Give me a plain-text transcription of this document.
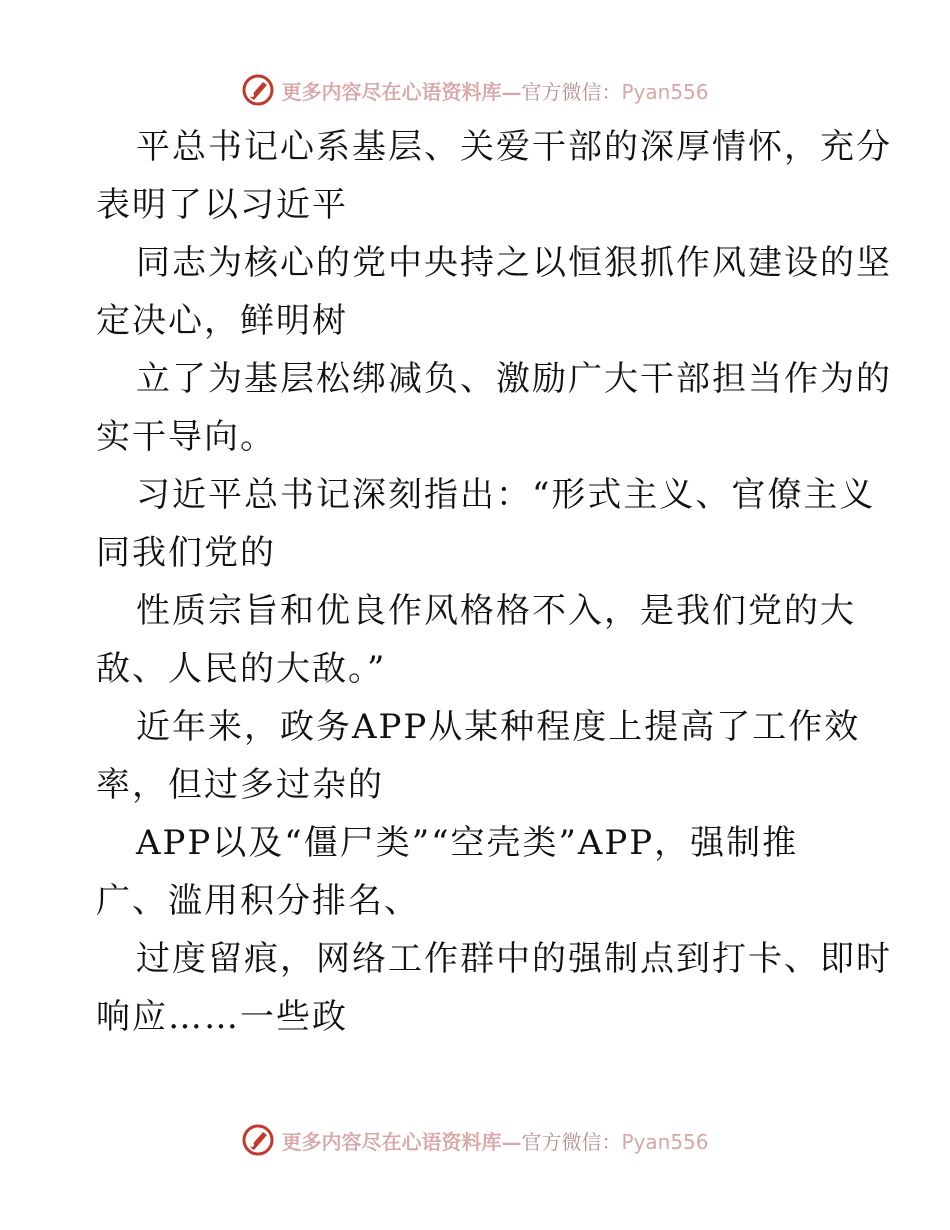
更多内容尽在心语资料库—官方微信：Pyan556
平总书记心系基层、关爱干部的深厚情怀，充分
表明了以习近平
同志为核心的党中央持之以恒狠抓作风建设的坚
定决心，鲜明树
立了为基层松绑减负、激励广大干部担当作为的
实干导向。
习近平总书记深刻指出：“形式主义、官僚主义
同我们党的
性质宗旨和优良作风格格不入，是我们党的大
敌、人民的大敌。”
近年来，政务APP从某种程度上提高了工作效
率，但过多过杂的
APP以及“僵尸类”“空壳类”APP，强制推
广、滥用积分排名、
过度留痕，网络工作群中的强制点到打卡、即时
响应……一些政
更多内容尽在心语资料库—官方微信：Pyan556
